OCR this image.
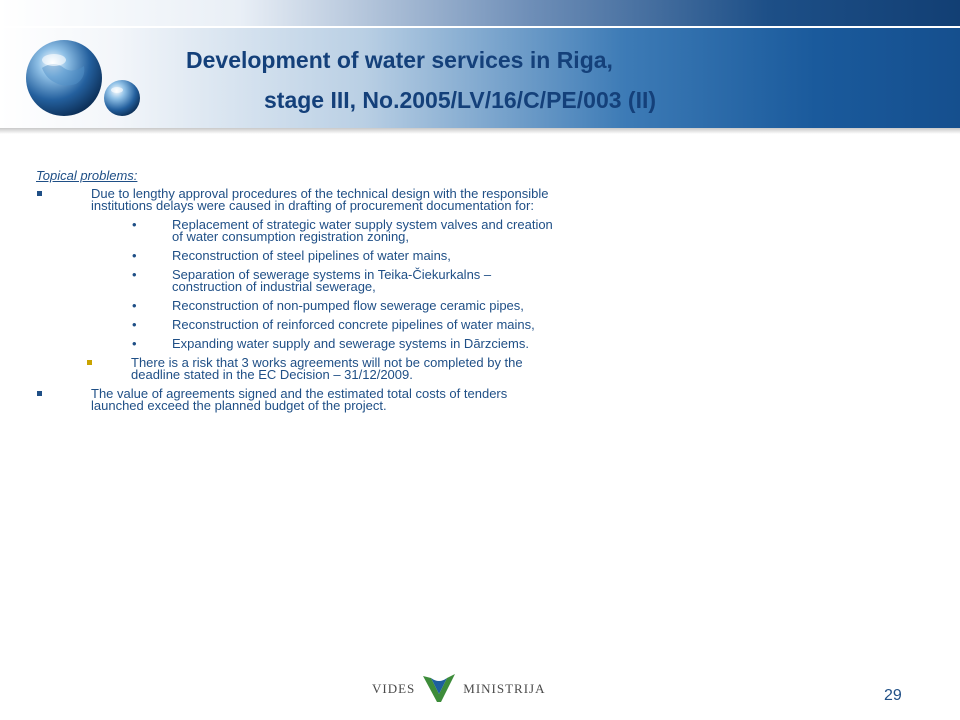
Development of water services in Riga,
stage III, No.2005/LV/16/C/PE/003 (II)
Topical problems:
Due to lengthy approval procedures of the technical design with the responsible institutions delays were caused in drafting of procurement documentation for:
•	Replacement of strategic water supply system valves and creation of water consumption registration zoning,
•	Reconstruction of steel pipelines of water mains,
•	Separation of sewerage systems in Teika-Čiekurkalns – construction of industrial sewerage,
•	Reconstruction of non-pumped flow sewerage ceramic pipes,
•	Reconstruction of reinforced concrete pipelines of water mains,
•	Expanding water supply and sewerage systems in Dārzciems.
There is a risk that 3 works agreements will not be completed by the deadline stated in the EC Decision – 31/12/2009.
The value of agreements signed and the estimated total costs of tenders launched exceed the planned budget of the project.
VIDES	MINISTRIJA	29
